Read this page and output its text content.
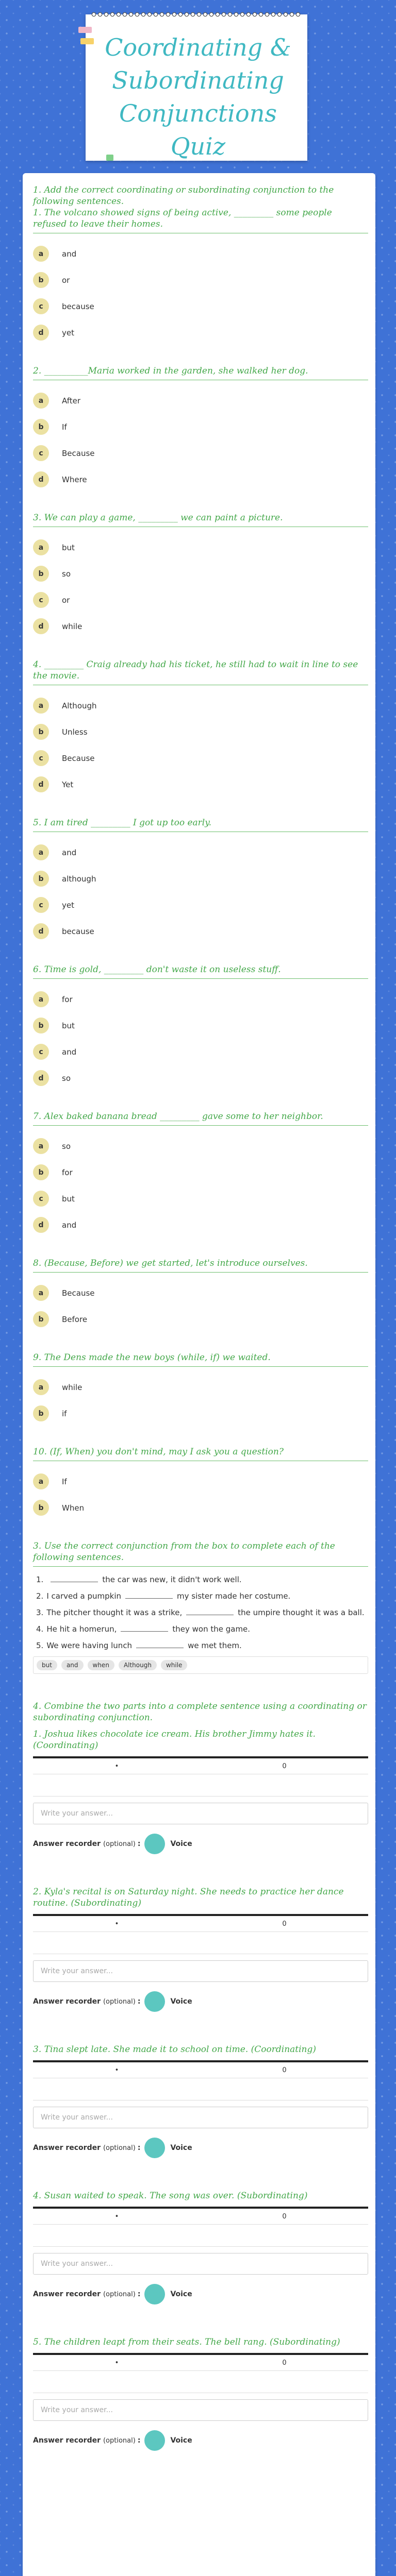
Coordinating & Subordinating Conjunctions Quiz
1. Add the correct coordinating or subordinating conjunction to the following sentences.
1. The volcano showed signs of being active, _________ some people refused to leave their homes.
a	and
b	or
c	because
d	yet
2. __________Maria worked in the garden, she walked her dog.
a	After
b	If
c	Because
d	Where
3. We can play a game, _________ we can paint a picture.
a	but
b	so
c	or
d	while
4. _________ Craig already had his ticket, he still had to wait in line to see the movie.
a	Although
b	Unless
c	Because
d	Yet
5. I am tired _________ I got up too early.
a	and
b	although
c	yet
d	because
6. Time is gold, _________ don't waste it on useless stuff.
a	for
b	but
c	and
d	so
7. Alex baked banana bread _________ gave some to her neighbor.
a	so
b	for
c	but
d	and
8. (Because, Before) we get started, let's introduce ourselves.
a	Because
b	Before
9. The Dens made the new boys (while, if) we waited.
a	while
b	if
10. (If, When) you don't mind, may I ask you a question?
a	If
b	When
3. Use the correct conjunction from the box to complete each of the following sentences.
1.	the car was new, it didn't work well.
2. I carved a pumpkin	my sister made her costume.
3. The pitcher thought it was a strike,	the umpire thought it was a ball.
4. He hit a homerun,	they won the game.
5. We were having lunch	we met them.
but	and	when	Although	while
4. Combine the two parts into a complete sentence using a coordinating or subordinating conjunction.
1. Joshua likes chocolate ice cream. His brother Jimmy hates it. (Coordinating)
•	0
Write your answer...
Answer recorder (optional) :	Voice
2. Kyla's recital is on Saturday night. She needs to practice her dance routine. (Subordinating)
•	0
Write your answer...
Answer recorder (optional) :	Voice
3. Tina slept late. She made it to school on time. (Coordinating)
•	0
Write your answer...
Answer recorder (optional) :	Voice
4. Susan waited to speak. The song was over. (Subordinating)
•	0
Write your answer...
Answer recorder (optional) :	Voice
5. The children leapt from their seats. The bell rang. (Subordinating)
•	0
Write your answer...
Answer recorder (optional) :	Voice
